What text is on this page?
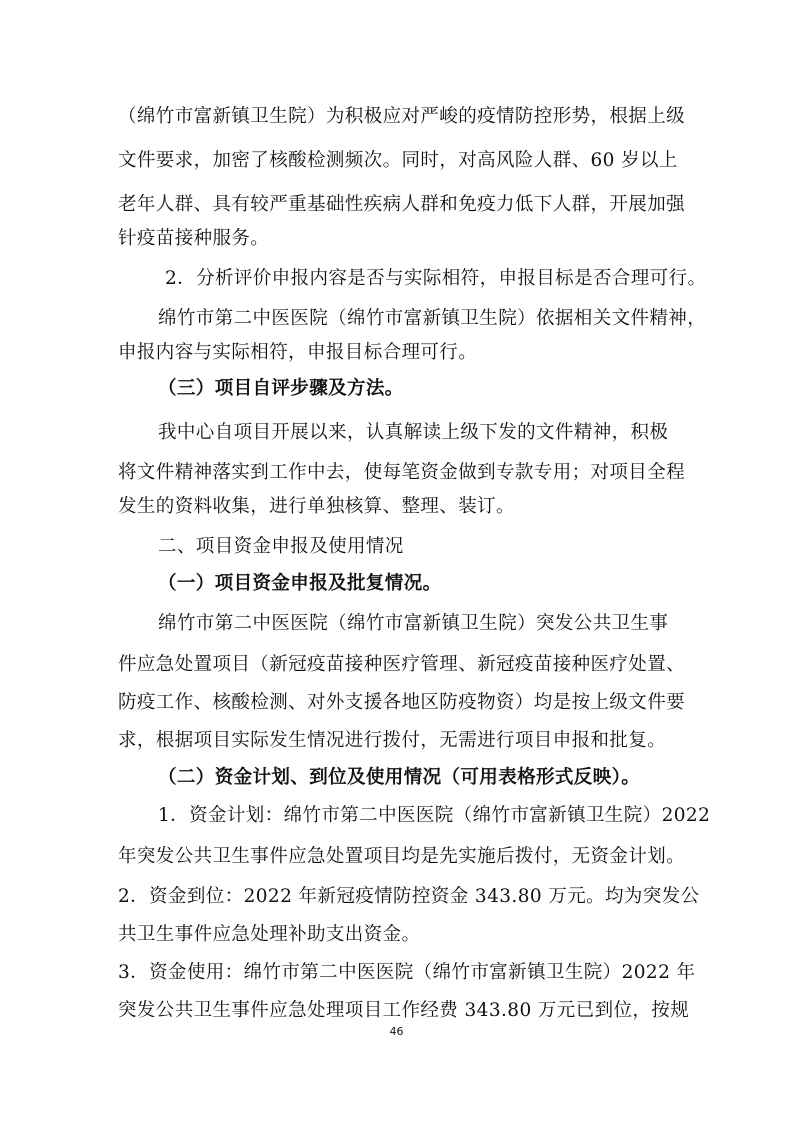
（绵竹市富新镇卫生院）为积极应对严峻的疫情防控形势，根据上级
文件要求，加密了核酸检测频次。同时，对高风险人群、60 岁以上
老年人群、具有较严重基础性疾病人群和免疫力低下人群，开展加强
针疫苗接种服务。
2．分析评价申报内容是否与实际相符，申报目标是否合理可行。
绵竹市第二中医医院（绵竹市富新镇卫生院）依据相关文件精神，
申报内容与实际相符，申报目标合理可行。
（三）项目自评步骤及方法。
我中心自项目开展以来，认真解读上级下发的文件精神，积极
将文件精神落实到工作中去，使每笔资金做到专款专用；对项目全程
发生的资料收集，进行单独核算、整理、装订。
二、项目资金申报及使用情况
（一）项目资金申报及批复情况。
绵竹市第二中医医院（绵竹市富新镇卫生院）突发公共卫生事
件应急处置项目（新冠疫苗接种医疗管理、新冠疫苗接种医疗处置、
防疫工作、核酸检测、对外支援各地区防疫物资）均是按上级文件要
求，根据项目实际发生情况进行拨付，无需进行项目申报和批复。
（二）资金计划、到位及使用情况（可用表格形式反映）。
1．资金计划：绵竹市第二中医医院（绵竹市富新镇卫生院）2022
年突发公共卫生事件应急处置项目均是先实施后拨付，无资金计划。
2．资金到位：2022 年新冠疫情防控资金 343.80 万元。均为突发公
共卫生事件应急处理补助支出资金。
3．资金使用：绵竹市第二中医医院（绵竹市富新镇卫生院）2022 年
突发公共卫生事件应急处理项目工作经费 343.80 万元已到位，按规
46
